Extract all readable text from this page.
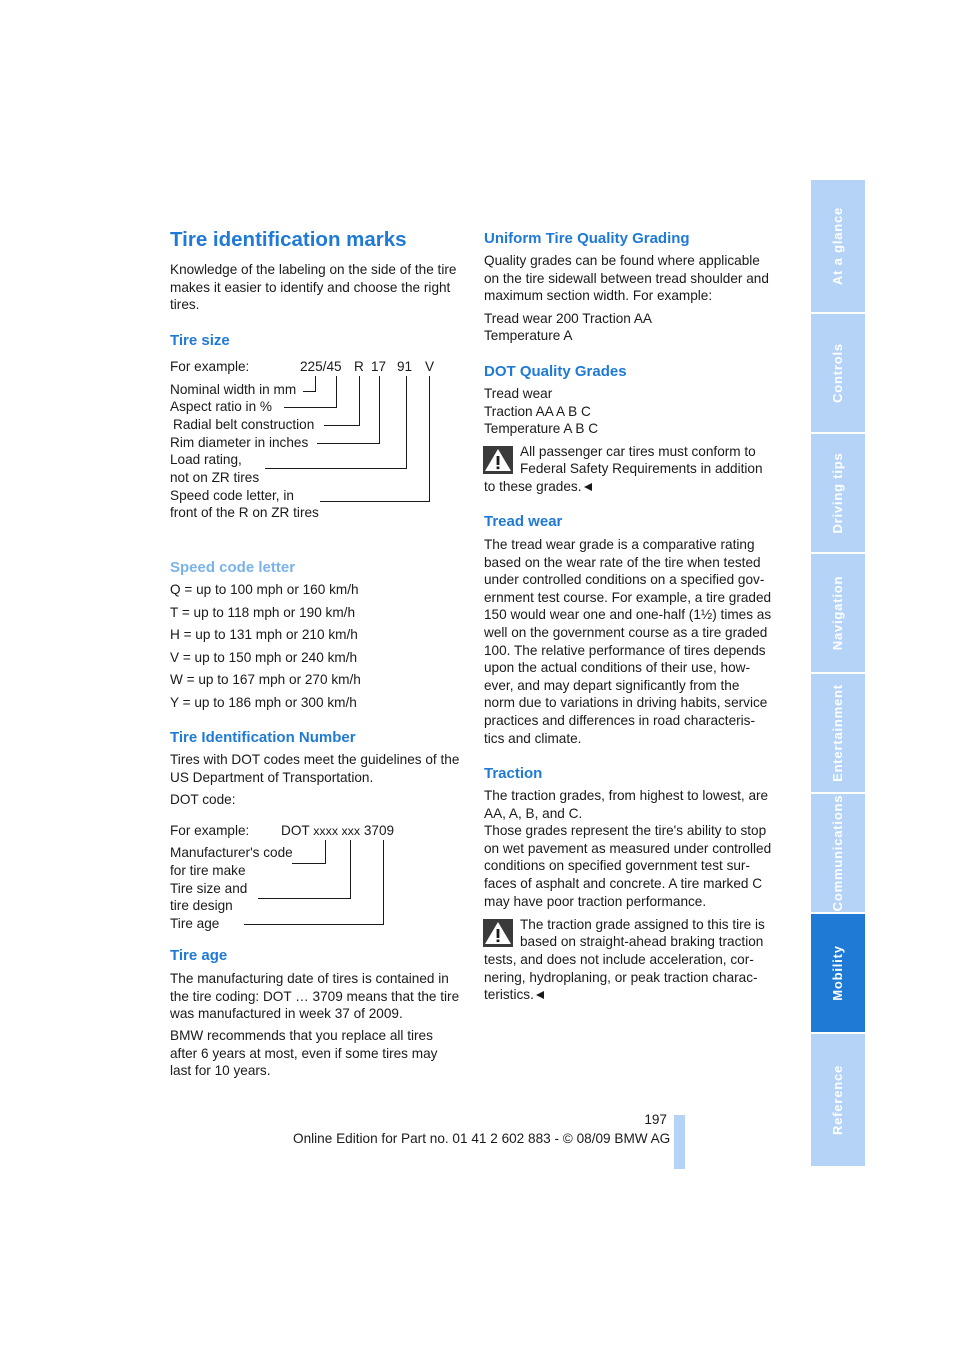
Tire identification marks

Knowledge of the labeling on the side of the tire makes it easier to identify and choose the right tires.

Tire size
For example:	225/45 R 17 91 V
Nominal width in mm
Aspect ratio in %
Radial belt construction
Rim diameter in inches
Load rating,
not on ZR tires
Speed code letter, in
front of the R on ZR tires
Speed code letter
Q = up to 100 mph or 160 km/h
T = up to 118 mph or 190 km/h
H = up to 131 mph or 210 km/h
V = up to 150 mph or 240 km/h
W = up to 167 mph or 270 km/h
Y = up to 186 mph or 300 km/h
Tire Identification Number

Tires with DOT codes meet the guidelines of the US Department of Transportation.

DOT code:
For example: DOT xxxx xxx 3709
Manufacturer's code
for tire make
Tire size and
tire design
Tire age
Tire age

The manufacturing date of tires is contained in the tire coding: DOT … 3709 means that the tire was manufactured in week 37 of 2009.

BMW recommends that you replace all tires after 6 years at most, even if some tires may last for 10 years.

Uniform Tire Quality Grading

Quality grades can be found where applicable on the tire sidewall between tread shoulder and maximum section width. For example:

Tread wear 200 Traction AA
Temperature A
DOT Quality Grades
Tread wear
Traction AA A B C
Temperature A B C
All passenger car tires must conform to
Federal Safety Requirements in addition
to these grades.
Tread wear
The tread wear grade is a comparative rating
based on the wear rate of the tire when tested
under controlled conditions on a specified gov-
ernment test course. For example, a tire graded
150 would wear one and one-half (1½) times as
well on the government course as a tire graded
100. The relative performance of tires depends
upon the actual conditions of their use, how-
ever, and may depart significantly from the
norm due to variations in driving habits, service
practices and differences in road characteris-
tics and climate.
Traction
The traction grades, from highest to lowest, are
AA, A, B, and C.
Those grades represent the tire's ability to stop
on wet pavement as measured under controlled
conditions on specified government test sur-
faces of asphalt and concrete. A tire marked C
may have poor traction performance.
The traction grade assigned to this tire is
based on straight-ahead braking traction
tests, and does not include acceleration, cor-
nering, hydroplaning, or peak traction charac-
teristics.
197
Online Edition for Part no. 01 41 2 602 883 - © 08/09 BMW AG
At a glance
Controls
Driving tips
Navigation
Entertainment
Communications
Mobility
Reference
